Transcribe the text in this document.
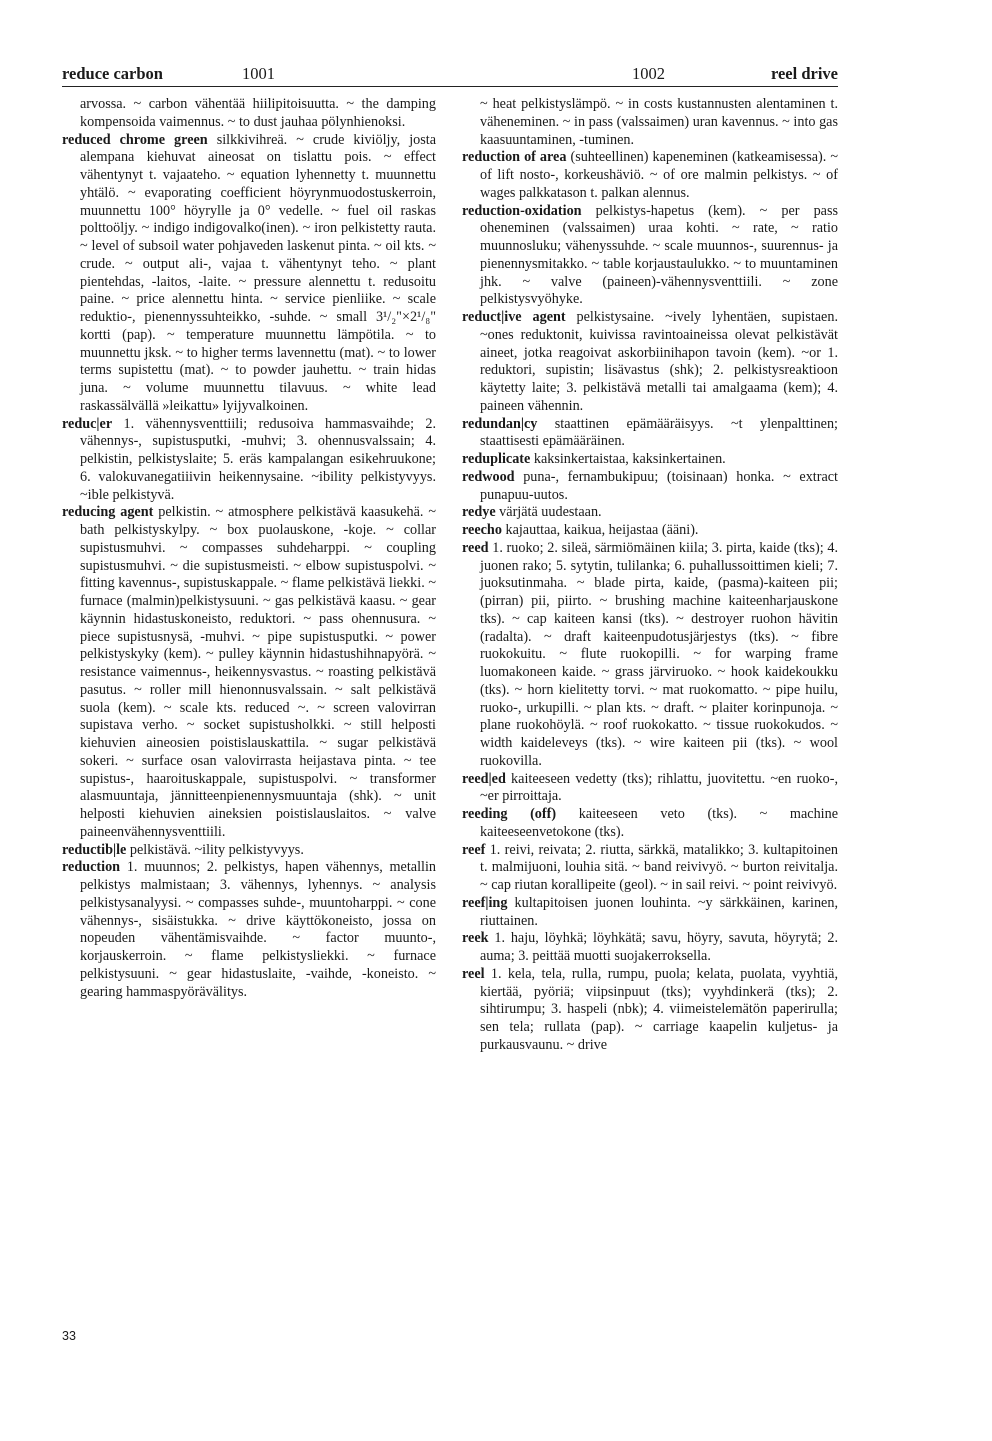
reduce carbon	1001	1002	reel drive

arvossa. ~ carbon vähentää hiilipitoisuutta. ~ the damping kompensoida vaimennus. ~ to dust jauhaa pölynhienoksi.

reduced chrome green silkkivihreä. ~ crude kiviöljy, josta alempana kiehuvat aineosat on tislattu pois. ~ effect vähentynyt t. vajaateho. ~ equation lyhennetty t. muunnettu yhtälö. ~ evaporating coefficient höyrynmuodostuskerroin, muunnettu 100° höyrylle ja 0° vedelle. ~ fuel oil raskas polttoöljy. ~ indigo indigovalko(inen). ~ iron pelkistetty rauta. ~ level of subsoil water pohjaveden laskenut pinta. ~ oil kts. ~ crude. ~ output ali-, vajaa t. vähentynyt teho. ~ plant pientehdas, -laitos, -laite. ~ pressure alennettu t. redusoitu paine. ~ price alennettu hinta. ~ service pienliike. ~ scale reduktio-, pienennyssuhteikko, -suhde. ~ small 3¹/₂"×2¹/₈" kortti (pap). ~ temperature muunnettu lämpötila. ~ to muunnettu jksk. ~ to higher terms lavennettu (mat). ~ to lower terms supistettu (mat). ~ to powder jauhettu. ~ train hidas juna. ~ volume muunnettu tilavuus. ~ white lead raskassälvällä »leikattu» lyijyvalkoinen.

reduc|er 1. vähennysventtiili; redusoiva hammasvaihde; 2. vähennys-, supistusputki, -muhvi; 3. ohennusvalssain; 4. pelkistin, pelkistyslaite; 5. eräs kampalangan esikehruukone; 6. valokuvanegatiiivin heikennysaine. ~ibility pelkistyvyys. ~ible pelkistyvä.

reducing agent pelkistin. ~ atmosphere pelkistävä kaasukehä. ~ bath pelkistyskylpy. ~ box puolauskone, -koje. ~ collar supistusmuhvi. ~ compasses suhdeharppi. ~ coupling supistusmuhvi. ~ die supistusmeisti. ~ elbow supistuspolvi. ~ fitting kavennus-, supistuskappale. ~ flame pelkistävä liekki. ~ furnace (malmin)pelkistysuuni. ~ gas pelkistävä kaasu. ~ gear käynnin hidastuskoneisto, reduktori. ~ pass ohennusura. ~ piece supistusnysä, -muhvi. ~ pipe supistusputki. ~ power pelkistyskyky (kem). ~ pulley käynnin hidastushihnapyörä. ~ resistance vaimennus-, heikennysvastus. ~ roasting pelkistävä pasutus. ~ roller mill hienonnusvalssain. ~ salt pelkistävä suola (kem). ~ scale kts. reduced ~. ~ screen valovirran supistava verho. ~ socket supistusholkki. ~ still helposti kiehuvien aineosien poistislauskattila. ~ sugar pelkistävä sokeri. ~ surface osan valovirrasta heijastava pinta. ~ tee supistus-, haaroituskappale, supistuspolvi. ~ transformer alasmuuntaja, jännitteenpienennysmuuntaja (shk). ~ unit helposti kiehuvien aineksien poistislauslaitos. ~ valve paineenvähennysventtiili.

reductib|le pelkistävä. ~ility pelkistyvyys.

reduction 1. muunnos; 2. pelkistys, hapen vähennys, metallin pelkistys malmistaan; 3. vähennys, lyhennys. ~ analysis pelkistysanalyysi. ~ compasses suhde-, muuntoharppi. ~ cone vähennys-, sisäistukka. ~ drive käyttökoneisto, jossa on nopeuden vähentämisvaihde. ~ factor muunto-, korjauskerroin. ~ flame pelkistysliekki. ~ furnace pelkistysuuni. ~ gear hidastuslaite, -vaihde, -koneisto. ~ gearing hammaspyörävälitys.

~ heat pelkistyslämpö. ~ in costs kustannusten alentaminen t. väheneminen. ~ in pass (valssaimen) uran kavennus. ~ into gas kaasuuntaminen, -tuminen.

reduction of area (suhteellinen) kapeneminen (katkeamisessa). ~ of lift nosto-, korkeushäviö. ~ of ore malmin pelkistys. ~ of wages palkkatason t. palkan alennus.

reduction-oxidation pelkistys-hapetus (kem). ~ per pass oheneminen (valssaimen) uraa kohti. ~ rate, ~ ratio muunnosluku; vähenyssuhde. ~ scale muunnos-, suurennus- ja pienennysmitakko. ~ table korjaustaulukko. ~ to muuntaminen jhk. ~ valve (paineen)-vähennysventtiili. ~ zone pelkistysvyöhyke.

reduct|ive agent pelkistysaine. ~ively lyhentäen, supistaen. ~ones reduktonit, kuivissa ravintoaineissa olevat pelkistävät aineet, jotka reagoivat askorbiinihapon tavoin (kem). ~or 1. reduktori, supistin; lisävastus (shk); 2. pelkistysreaktioon käytetty laite; 3. pelkistävä metalli tai amalgaama (kem); 4. paineen vähennin.

redundan|cy staattinen epämääräisyys. ~t ylenpalttinen; staattisesti epämääräinen.

reduplicate kaksinkertaistaa, kaksinkertainen.

redwood puna-, fernambukipuu; (toisinaan) honka. ~ extract punapuu-uutos.

redye värjätä uudestaan.

reecho kajauttaa, kaikua, heijastaa (ääni).

reed 1. ruoko; 2. sileä, särmiömäinen kiila; 3. pirta, kaide (tks); 4. juonen rako; 5. sytytin, tulilanka; 6. puhallussoittimen kieli; 7. juoksutinmaha. ~ blade pirta, kaide, (pasma)-kaiteen pii; (pirran) pii, piirto. ~ brushing machine kaiteenharjauskone tks). ~ cap kaiteen kansi (tks). ~ destroyer ruohon hävitin (radalta). ~ draft kaiteenpudotusjärjestys (tks). ~ fibre ruokokuitu. ~ flute ruokopilli. ~ for warping frame luomakoneen kaide. ~ grass järviruoko. ~ hook kaidekoukku (tks). ~ horn kielitetty torvi. ~ mat ruokomatto. ~ pipe huilu, ruoko-, urkupilli. ~ plan kts. ~ draft. ~ plaiter korinpunoja. ~ plane ruokohöylä. ~ roof ruokokatto. ~ tissue ruokokudos. ~ width kaideleveys (tks). ~ wire kaiteen pii (tks). ~ wool ruokovilla.

reed|ed kaiteeseen vedetty (tks); rihlattu, juovitettu. ~en ruoko-, ~er pirroittaja.

reeding (off) kaiteeseen veto (tks). ~ machine kaiteeseenvetokone (tks).

reef 1. reivi, reivata; 2. riutta, särkkä, matalikko; 3. kultapitoinen t. malmijuoni, louhia sitä. ~ band reivivyö. ~ burton reivitalja. ~ cap riutan korallipeite (geol). ~ in sail reivi. ~ point reivivyö.

reef|ing kultapitoisen juonen louhinta. ~y särkkäinen, karinen, riuttainen.

reek 1. haju, löyhkä; löyhkätä; savu, höyry, savuta, höyrytä; 2. auma; 3. peittää muotti suojakerroksella.

reel 1. kela, tela, rulla, rumpu, puola; kelata, puolata, vyyhtiä, kiertää, pyöriä; viipsinpuut (tks); vyyhdinkerä (tks); 2. sihtirumpu; 3. haspeli (nbk); 4. viimeistelemätön paperirulla; sen tela; rullata (pap). ~ carriage kaapelin kuljetus- ja purkausvaunu. ~ drive

33
